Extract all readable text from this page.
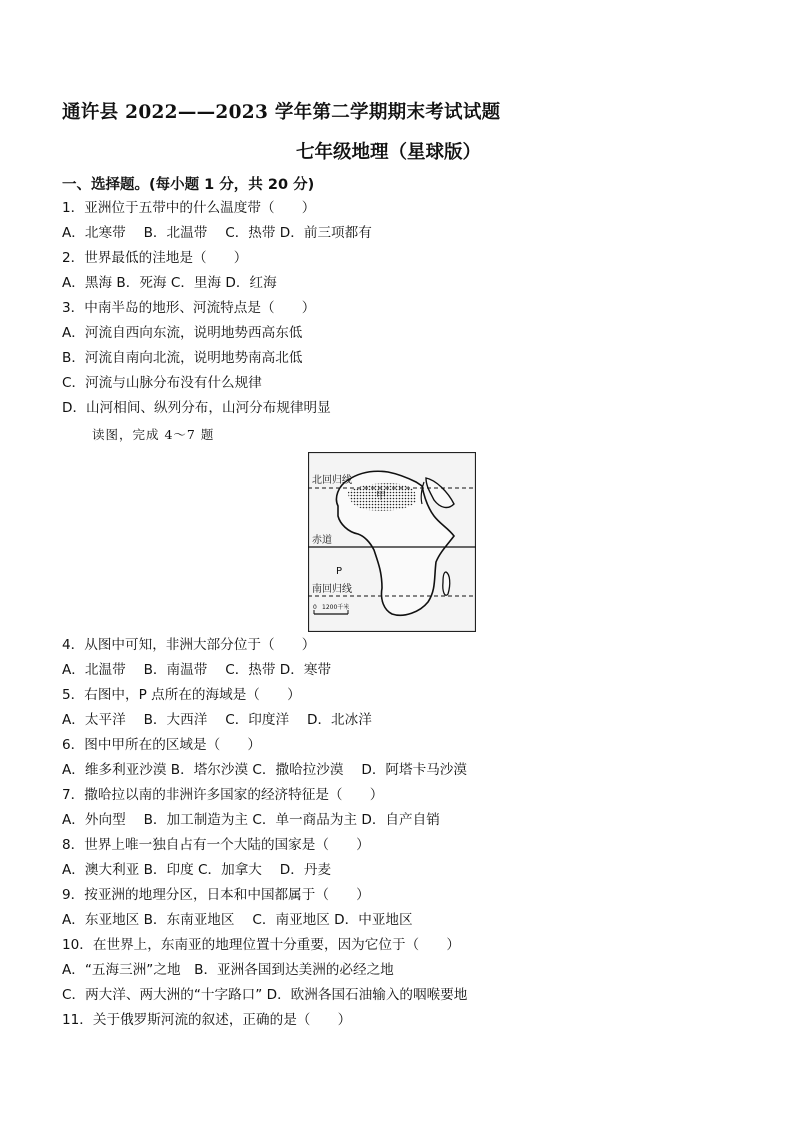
通许县 2022——2023 学年第二学期期末考试试题
七年级地理（星球版）
一、选择题。(每小题 1 分，共 20 分)
1．亚洲位于五带中的什么温度带（　　）
A．北寒带　 B．北温带　 C．热带 D．前三项都有
2．世界最低的洼地是（　　）
A．黑海 B．死海 C．里海 D．红海
3．中南半岛的地形、河流特点是（　　）
A．河流自西向东流，说明地势西高东低
B．河流自南向北流，说明地势南高北低
C．河流与山脉分布没有什么规律
D．山河相间、纵列分布，山河分布规律明显
读图，完成 4～7 题
北回归线
甲
赤道
P
南回归线
0 1200千米
4．从图中可知，非洲大部分位于（　　）
A．北温带　 B．南温带　 C．热带 D．寒带
5．右图中，P 点所在的海域是（　　）
A．太平洋　 B．大西洋　 C．印度洋　 D．北冰洋
6．图中甲所在的区域是（　　）
A．维多利亚沙漠 B．塔尔沙漠 C．撒哈拉沙漠　 D．阿塔卡马沙漠
7．撒哈拉以南的非洲许多国家的经济特征是（　　）
A．外向型　 B．加工制造为主 C．单一商品为主 D．自产自销
8．世界上唯一独自占有一个大陆的国家是（　　）
A．澳大利亚 B．印度 C．加拿大　 D．丹麦
9．按亚洲的地理分区，日本和中国都属于（　　）
A．东亚地区 B．东南亚地区　 C．南亚地区 D．中亚地区
10．在世界上，东南亚的地理位置十分重要，因为它位于（　　）
A．“五海三洲”之地　B．亚洲各国到达美洲的必经之地
C．两大洋、两大洲的“十字路口” D．欧洲各国石油输入的咽喉要地
11．关于俄罗斯河流的叙述，正确的是（　　）
